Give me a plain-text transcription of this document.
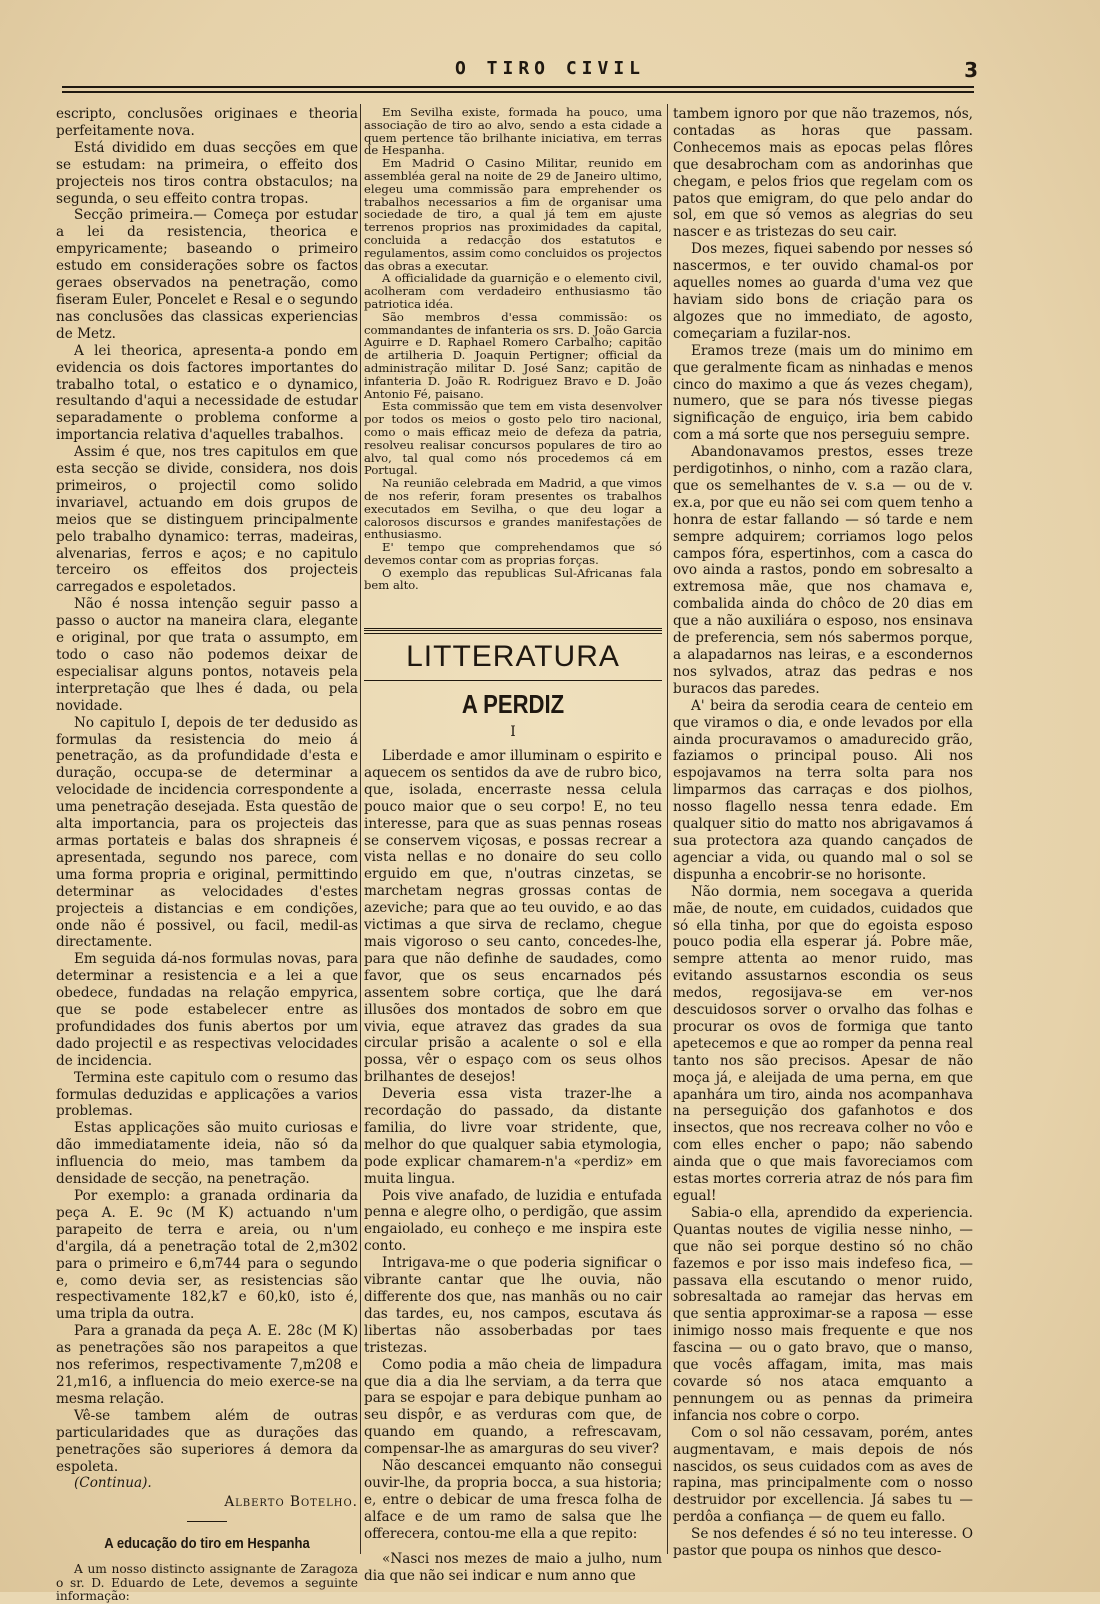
O TIRO CIVIL	3

escripto, conclusões originaes e theoria perfeitamente nova.

Está dividido em duas secções em que se estudam: na primeira, o effeito dos projecteis nos tiros contra obstaculos; na segunda, o seu effeito contra tropas.

Secção primeira.— Começa por estudar a lei da resistencia, theorica e empyricamente; baseando o primeiro estudo em considerações sobre os factos geraes observados na penetração, como fiseram Euler, Poncelet e Resal e o segundo nas conclusões das classicas experiencias de Metz.

A lei theorica, apresenta-a pondo em evidencia os dois factores importantes do trabalho total, o estatico e o dynamico, resultando d'aqui a necessidade de estudar separadamente o problema conforme a importancia relativa d'aquelles trabalhos.

Assim é que, nos tres capitulos em que esta secção se divide, considera, nos dois primeiros, o projectil como solido invariavel, actuando em dois grupos de meios que se distinguem principalmente pelo trabalho dynamico: terras, madeiras, alvenarias, ferros e aços; e no capitulo terceiro os effeitos dos projecteis carregados e espoletados.

Não é nossa intenção seguir passo a passo o auctor na maneira clara, elegante e original, por que trata o assumpto, em todo o caso não podemos deixar de especialisar alguns pontos, notaveis pela interpretação que lhes é dada, ou pela novidade.

No capitulo I, depois de ter dedusido as formulas da resistencia do meio á penetração, as da profundidade d'esta e duração, occupa-se de determinar a velocidade de incidencia correspondente a uma penetração desejada. Esta questão de alta importancia, para os projecteis das armas portateis e balas dos shrapneis é apresentada, segundo nos parece, com uma forma propria e original, permittindo determinar as velocidades d'estes projecteis a distancias e em condições, onde não é possivel, ou facil, medil-as directamente.

Em seguida dá-nos formulas novas, para determinar a resistencia e a lei a que obedece, fundadas na relação empyrica, que se pode estabelecer entre as profundidades dos funis abertos por um dado projectil e as respectivas velocidades de incidencia.

Termina este capitulo com o resumo das formulas deduzidas e applicações a varios problemas.

Estas applicações são muito curiosas e dão immediatamente ideia, não só da influencia do meio, mas tambem da densidade de secção, na penetração.

Por exemplo: a granada ordinaria da peça A. E. 9c (M K) actuando n'um parapeito de terra e areia, ou n'um d'argila, dá a penetração total de 2,m302 para o primeiro e 6,m744 para o segundo e, como devia ser, as resistencias são respectivamente 182,k7 e 60,k0, isto é, uma tripla da outra.

Para a granada da peça A. E. 28c (M K) as penetrações são nos parapeitos a que nos referimos, respectivamente 7,m208 e 21,m16, a influencia do meio exerce-se na mesma relação.

Vê-se tambem além de outras particularidades que as durações das penetrações são superiores á demora da espoleta.

(Continua).

Alberto Botelho.
A educação do tiro em Hespanha

A um nosso distincto assignante de Zaragoza o sr. D. Eduardo de Lete, devemos a seguinte informação:

Em Sevilha existe, formada ha pouco, uma associação de tiro ao alvo, sendo a esta cidade a quem pertence tão brilhante iniciativa, em terras de Hespanha.

Em Madrid O Casino Militar, reunido em assembléa geral na noite de 29 de Janeiro ultimo, elegeu uma commissão para emprehender os trabalhos necessarios a fim de organisar uma sociedade de tiro, a qual já tem em ajuste terrenos proprios nas proximidades da capital, concluida a redacção dos estatutos e regulamentos, assim como concluidos os projectos das obras a executar.

A officialidade da guarnição e o elemento civil, acolheram com verdadeiro enthusiasmo tão patriotica idéa.

São membros d'essa commissão: os commandantes de infanteria os srs. D. João Garcia Aguirre e D. Raphael Romero Carbalho; capitão de artilheria D. Joaquin Pertigner; official da administração militar D. José Sanz; capitão de infanteria D. João R. Rodriguez Bravo e D. João Antonio Fé, paisano.

Esta commissão que tem em vista desenvolver por todos os meios o gosto pelo tiro nacional, como o mais efficaz meio de defeza da patria, resolveu realisar concursos populares de tiro ao alvo, tal qual como nós procedemos cá em Portugal.

Na reunião celebrada em Madrid, a que vimos de nos referir, foram presentes os trabalhos executados em Sevilha, o que deu logar a calorosos discursos e grandes manifestações de enthusiasmo.

E' tempo que comprehendamos que só devemos contar com as proprias forças.

O exemplo das republicas Sul-Africanas fala bem alto.

LITTERATURA
A PERDIZ
I

Liberdade e amor illuminam o espirito e aquecem os sentidos da ave de rubro bico, que, isolada, encerraste nessa celula pouco maior que o seu corpo! E, no teu interesse, para que as suas pennas roseas se conservem viçosas, e possas recrear a vista nellas e no donaire do seu collo erguido em que, n'outras cinzetas, se marchetam negras grossas contas de azeviche; para que ao teu ouvido, e ao das victimas a que sirva de reclamo, chegue mais vigoroso o seu canto, concedes-lhe, para que não definhe de saudades, como favor, que os seus encarnados pés assentem sobre cortiça, que lhe dará illusões dos montados de sobro em que vivia, eque atravez das grades da sua circular prisão a acalente o sol e ella possa, vêr o espaço com os seus olhos brilhantes de desejos!

Deveria essa vista trazer-lhe a recordação do passado, da distante familia, do livre voar stridente, que, melhor do que qualquer sabia etymologia, pode explicar chamarem-n'a «perdiz» em muita lingua.

Pois vive anafado, de luzidia e entufada penna e alegre olho, o perdigão, que assim engaiolado, eu conheço e me inspira este conto.

Intrigava-me o que poderia significar o vibrante cantar que lhe ouvia, não differente dos que, nas manhãs ou no cair das tardes, eu, nos campos, escutava ás libertas não assoberbadas por taes tristezas.

Como podia a mão cheia de limpadura que dia a dia lhe serviam, a da terra que para se espojar e para debique punham ao seu dispôr, e as verduras com que, de quando em quando, a refrescavam, compensar-lhe as amarguras do seu viver?

Não descancei emquanto não consegui ouvir-lhe, da propria bocca, a sua historia; e, entre o debicar de uma fresca folha de alface e de um ramo de salsa que lhe offerecera, contou-me ella a que repito:

«Nasci nos mezes de maio a julho, num dia que não sei indicar e num anno que

tambem ignoro por que não trazemos, nós, contadas as horas que passam. Conhecemos mais as epocas pelas flôres que desabrocham com as andorinhas que chegam, e pelos frios que regelam com os patos que emigram, do que pelo andar do sol, em que só vemos as alegrias do seu nascer e as tristezas do seu cair.

Dos mezes, fiquei sabendo por nesses só nascermos, e ter ouvido chamal-os por aquelles nomes ao guarda d'uma vez que haviam sido bons de criação para os algozes que no immediato, de agosto, começariam a fuzilar-nos.

Eramos treze (mais um do minimo em que geralmente ficam as ninhadas e menos cinco do maximo a que ás vezes chegam), numero, que se para nós tivesse piegas significação de enguiço, iria bem cabido com a má sorte que nos perseguiu sempre.

Abandonavamos prestos, esses treze perdigotinhos, o ninho, com a razão clara, que os semelhantes de v. s.a — ou de v. ex.a, por que eu não sei com quem tenho a honra de estar fallando — só tarde e nem sempre adquirem; corriamos logo pelos campos fóra, espertinhos, com a casca do ovo ainda a rastos, pondo em sobresalto a extremosa mãe, que nos chamava e, combalida ainda do chôco de 20 dias em que a não auxiliára o esposo, nos ensinava de preferencia, sem nós sabermos porque, a alapadarnos nas leiras, e a escondernos nos sylvados, atraz das pedras e nos buracos das paredes.

A' beira da serodia ceara de centeio em que viramos o dia, e onde levados por ella ainda procuravamos o amadurecido grão, faziamos o principal pouso. Ali nos espojavamos na terra solta para nos limparmos das carraças e dos piolhos, nosso flagello nessa tenra edade. Em qualquer sitio do matto nos abrigavamos á sua protectora aza quando cançados de agenciar a vida, ou quando mal o sol se dispunha a encobrir-se no horisonte.

Não dormia, nem socegava a querida mãe, de noute, em cuidados, cuidados que só ella tinha, por que do egoista esposo pouco podia ella esperar já. Pobre mãe, sempre attenta ao menor ruido, mas evitando assustarnos escondia os seus medos, regosijava-se em ver-nos descuidosos sorver o orvalho das folhas e procurar os ovos de formiga que tanto apetecemos e que ao romper da penna real tanto nos são precisos. Apesar de não moça já, e aleijada de uma perna, em que apanhára um tiro, ainda nos acompanhava na perseguição dos gafanhotos e dos insectos, que nos recreava colher no vôo e com elles encher o papo; não sabendo ainda que o que mais favoreciamos com estas mortes correria atraz de nós para fim egual!

Sabia-o ella, aprendido da experiencia. Quantas noutes de vigilia nesse ninho, — que não sei porque destino só no chão fazemos e por isso mais indefeso fica, — passava ella escutando o menor ruido, sobresaltada ao ramejar das hervas em que sentia approximar-se a raposa — esse inimigo nosso mais frequente e que nos fascina — ou o gato bravo, que o manso, que vocês affagam, imita, mas mais covarde só nos ataca emquanto a pennungem ou as pennas da primeira infancia nos cobre o corpo.

Com o sol não cessavam, porém, antes augmentavam, e mais depois de nós nascidos, os seus cuidados com as aves de rapina, mas principalmente com o nosso destruidor por excellencia. Já sabes tu — perdôa a confiança — de quem eu fallo.

Se nos defendes é só no teu interesse. O pastor que poupa os ninhos que desco-
